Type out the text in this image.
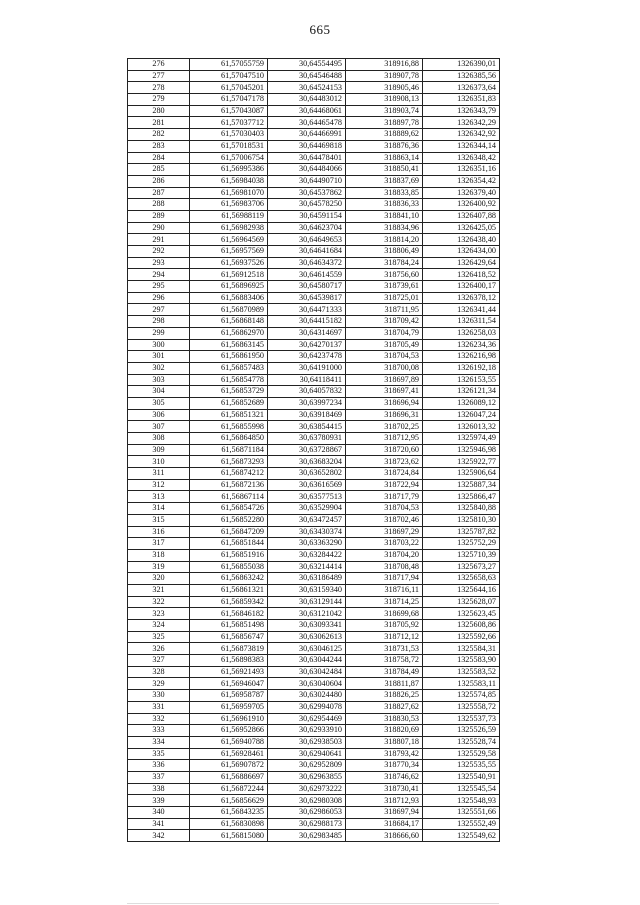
665
276	61,57055759	30,64554495	318916,88	1326390,01
277	61,57047510	30,64546488	318907,78	1326385,56
278	61,57045201	30,64524153	318905,46	1326373,64
279	61,57047178	30,64483012	318908,13	1326351,83
280	61,57043087	30,64468061	318903,74	1326343,79
281	61,57037712	30,64465478	318897,78	1326342,29
282	61,57030403	30,64466991	318889,62	1326342,92
283	61,57018531	30,64469818	318876,36	1326344,14
284	61,57006754	30,64478401	318863,14	1326348,42
285	61,56995386	30,64484066	318850,41	1326351,16
286	61,56984038	30,64490710	318837,69	1326354,42
287	61,56981070	30,64537862	318833,85	1326379,40
288	61,56983706	30,64578250	318836,33	1326400,92
289	61,56988119	30,64591154	318841,10	1326407,88
290	61,56982938	30,64623704	318834,96	1326425,05
291	61,56964569	30,64649653	318814,20	1326438,40
292	61,56957569	30,64641684	318806,49	1326434,00
293	61,56937526	30,64634372	318784,24	1326429,64
294	61,56912518	30,64614559	318756,60	1326418,52
295	61,56896925	30,64580717	318739,61	1326400,17
296	61,56883406	30,64539817	318725,01	1326378,12
297	61,56870989	30,64471333	318711,95	1326341,44
298	61,56868148	30,64415182	318709,42	1326311,54
299	61,56862970	30,64314697	318704,79	1326258,03
300	61,56863145	30,64270137	318705,49	1326234,36
301	61,56861950	30,64237478	318704,53	1326216,98
302	61,56857483	30,64191000	318700,08	1326192,18
303	61,56854778	30,64118411	318697,89	1326153,55
304	61,56853729	30,64057832	318697,41	1326121,34
305	61,56852689	30,63997234	318696,94	1326089,12
306	61,56851321	30,63918469	318696,31	1326047,24
307	61,56855998	30,63854415	318702,25	1326013,32
308	61,56864850	30,63780931	318712,95	1325974,49
309	61,56871184	30,63728867	318720,60	1325946,98
310	61,56873293	30,63683204	318723,62	1325922,77
311	61,56874212	30,63652802	318724,84	1325906,64
312	61,56872136	30,63616569	318722,94	1325887,34
313	61,56867114	30,63577513	318717,79	1325866,47
314	61,56854726	30,63529904	318704,53	1325840,88
315	61,56852280	30,63472457	318702,46	1325810,30
316	61,56847209	30,63430374	318697,29	1325787,82
317	61,56851844	30,63363290	318703,22	1325752,29
318	61,56851916	30,63284422	318704,20	1325710,39
319	61,56855038	30,63214414	318708,48	1325673,27
320	61,56863242	30,63186489	318717,94	1325658,63
321	61,56861321	30,63159340	318716,11	1325644,16
322	61,56859342	30,63129144	318714,25	1325628,07
323	61,56846182	30,63121042	318699,68	1325623,45
324	61,56851498	30,63093341	318705,92	1325608,86
325	61,56856747	30,63062613	318712,12	1325592,66
326	61,56873819	30,63046125	318731,53	1325584,31
327	61,56898383	30,63044244	318758,72	1325583,90
328	61,56921493	30,63042484	318784,49	1325583,52
329	61,56946047	30,63040604	318811,87	1325583,11
330	61,56958787	30,63024480	318826,25	1325574,85
331	61,56959705	30,62994078	318827,62	1325558,72
332	61,56961910	30,62954469	318830,53	1325537,73
333	61,56952866	30,62933910	318820,69	1325526,59
334	61,56940788	30,62938503	318807,18	1325528,74
335	61,56928461	30,62940641	318793,42	1325529,58
336	61,56907872	30,62952809	318770,34	1325535,55
337	61,56886697	30,62963855	318746,62	1325540,91
338	61,56872244	30,62973222	318730,41	1325545,54
339	61,56856629	30,62980308	318712,93	1325548,93
340	61,56843235	30,62986053	318697,94	1325551,66
341	61,56830898	30,62988173	318684,17	1325552,49
342	61,56815080	30,62983485	318666,60	1325549,62
